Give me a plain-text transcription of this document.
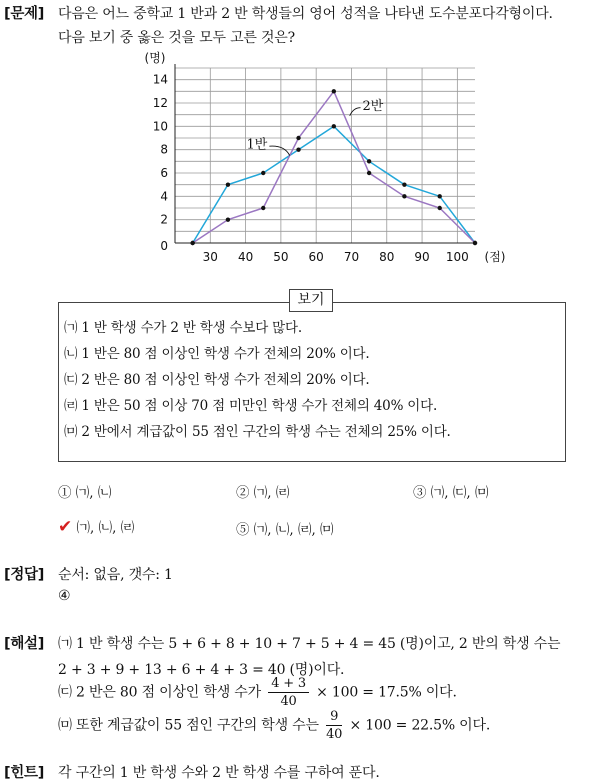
[문제] 다음은 어느 중학교 1 반과 2 반 학생들의 영어 성적을 나타낸 도수분포다각형이다.
다음 보기 중 옳은 것을 모두 고른 것은?
0
2
4
6
8
10
12
14
30 40 50 60 70 80 90 100
(명)
(점)
1반
2반
보기
㈀ 1 반 학생 수가 2 반 학생 수보다 많다.
㈁ 1 반은 80 점 이상인 학생 수가 전체의 20% 이다.
㈂ 2 반은 80 점 이상인 학생 수가 전체의 20% 이다.
㈃ 1 반은 50 점 이상 70 점 미만인 학생 수가 전체의 40% 이다.
㈄ 2 반에서 계급값이 55 점인 구간의 학생 수는 전체의 25% 이다.
① ㈀, ㈁	② ㈀, ㈃	③ ㈀, ㈂, ㈄
✔ ㈀, ㈁, ㈃	⑤ ㈀, ㈁, ㈃, ㈄
[정답] 순서: 없음, 갯수: 1
④
[해설] ㈀ 1 반 학생 수는 5 + 6 + 8 + 10 + 7 + 5 + 4 = 45 (명)이고, 2 반의 학생 수는
2 + 3 + 9 + 13 + 6 + 4 + 3 = 40 (명)이다.
㈂ 2 반은 80 점 이상인 학생 수가 $\frac{4 + 3}{40} \times 100 = 17.5\%$ 이다.
㈄ 또한 계급값이 55 점인 구간의 학생 수는 $\frac{9}{40} \times 100 = 22.5\%$ 이다.
[힌트] 각 구간의 1 반 학생 수와 2 반 학생 수를 구하여 푼다.
